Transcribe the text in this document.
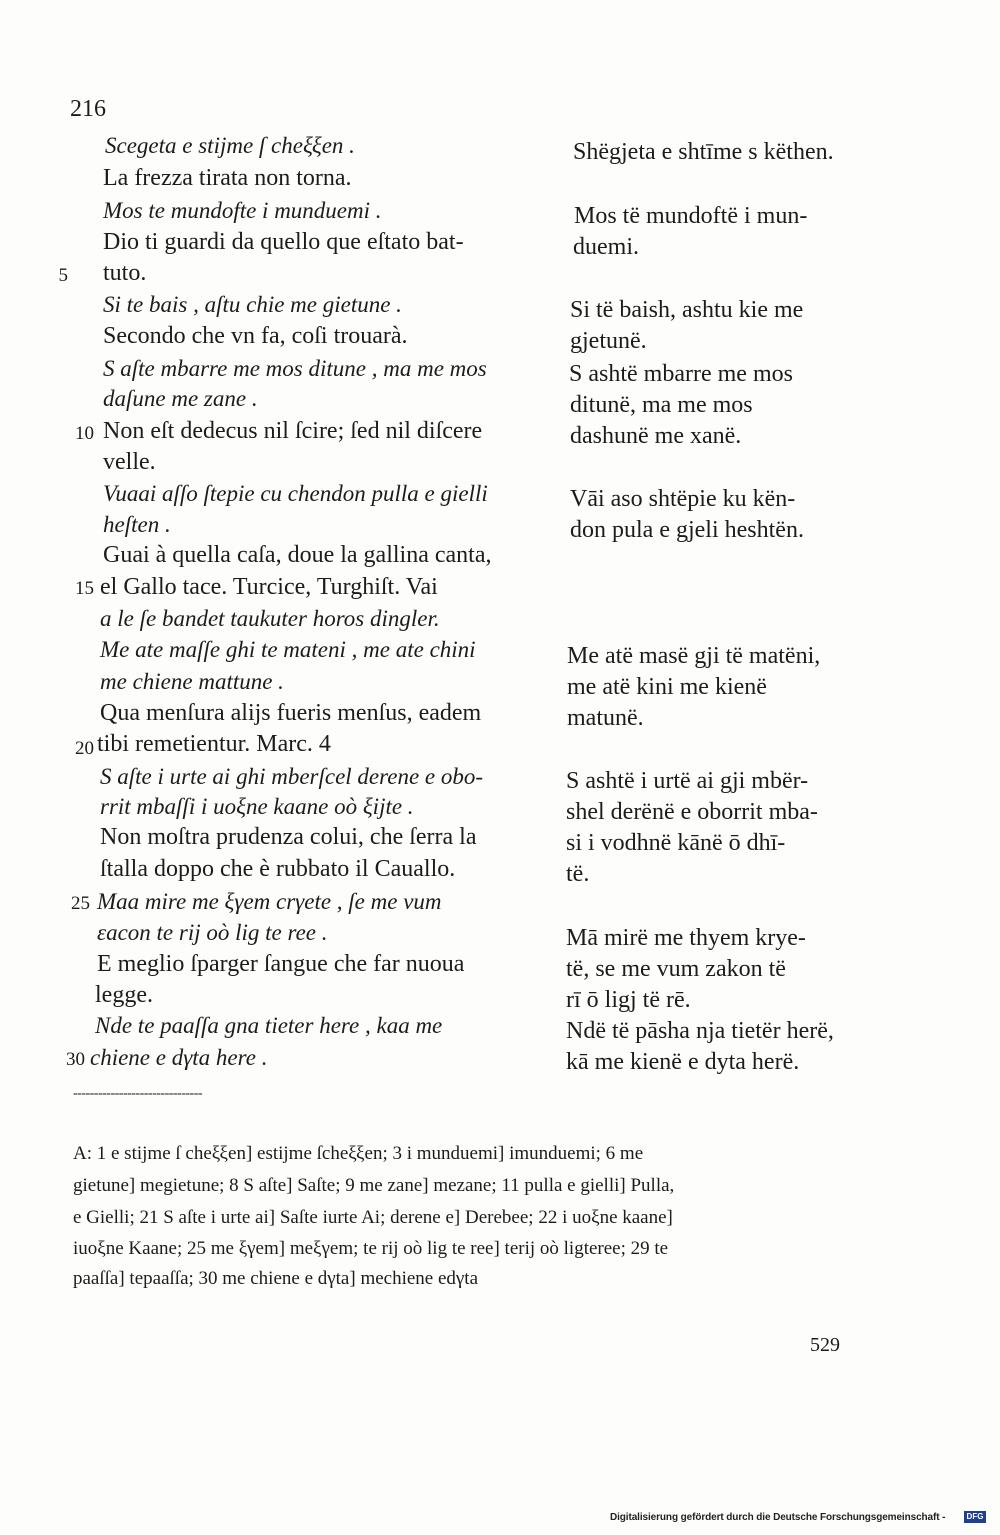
216
5
10
15
20
25
30
Scegeta e stijme ſ cheξξen .
La frezza tirata non torna.
Mos te mundofte i munduemi .
Dio ti guardi da quello que eſtato bat-
tuto.
Si te bais , aſtu chie me gietune .
Secondo che vn fa, coſi trouarà.
S aſte mbarre me mos ditune , ma me mos
daſune me zane .
Non eſt dedecus nil ſcire; ſed nil diſcere
velle.
Vuaai aſſo ſtepie cu chendon pulla e gielli
heſten .
Guai à quella caſa, doue la gallina canta,
el Gallo tace. Turcice, Turghiſt. Vai
a le ſe bandet taukuter horos dingler.
Me ate maſſe ghi te mateni , me ate chini
me chiene mattune .
Qua menſura alijs fueris menſus, eadem
tibi remetientur. Marc. 4
S aſte i urte ai ghi mberſcel derene e obo-
rrit mbaſſi i uoξne kaane oò ξijte .
Non moſtra prudenza colui, che ſerra la
ſtalla doppo che è rubbato il Cauallo.
Maa mire me ξγem crγete , ſe me vum
εacon te rij oò lig te ree .
E meglio ſparger ſangue che far nuoua
legge.
Nde te paaſſa gna tieter here , kaa me
chiene e dγta here .
Shëgjeta e shtīme s këthen.
Mos të mundoftë i mun-
duemi.
Si të baish, ashtu kie me
gjetunë.
S ashtë mbarre me mos
ditunë, ma me mos
dashunë me xanë.
Vāi aso shtëpie ku kën-
don pula e gjeli heshtën.
Me atë masë gji të matëni,
me atë kini me kienë
matunë.
S ashtë i urtë ai gji mbër-
shel derënë e oborrit mba-
si i vodhnë kānë ō dhī-
të.
Mā mirë me thyem krye-
të, se me vum zakon të
rī ō ligj të rē.
Ndë të pāsha nja tietër herë,
kā me kienë e dyta herë.
-------------------------------
A: 1 e stijme ſ cheξξen] estijme ſcheξξen; 3 i munduemi] imunduemi; 6 me
gietune] megietune; 8 S aſte] Saſte; 9 me zane] mezane; 11 pulla e gielli] Pulla,
e Gielli; 21 S aſte i urte ai] Saſte iurte Ai; derene e] Derebee; 22 i uoξne kaane]
iuoξne Kaane; 25 me ξγem] meξγem; te rij oò lig te ree] terij oò ligteree; 29 te
paaſſa] tepaaſſa; 30 me chiene e dγta] mechiene edγta
529
Digitalisierung gefördert durch die Deutsche Forschungsgemeinschaft -	DFG
